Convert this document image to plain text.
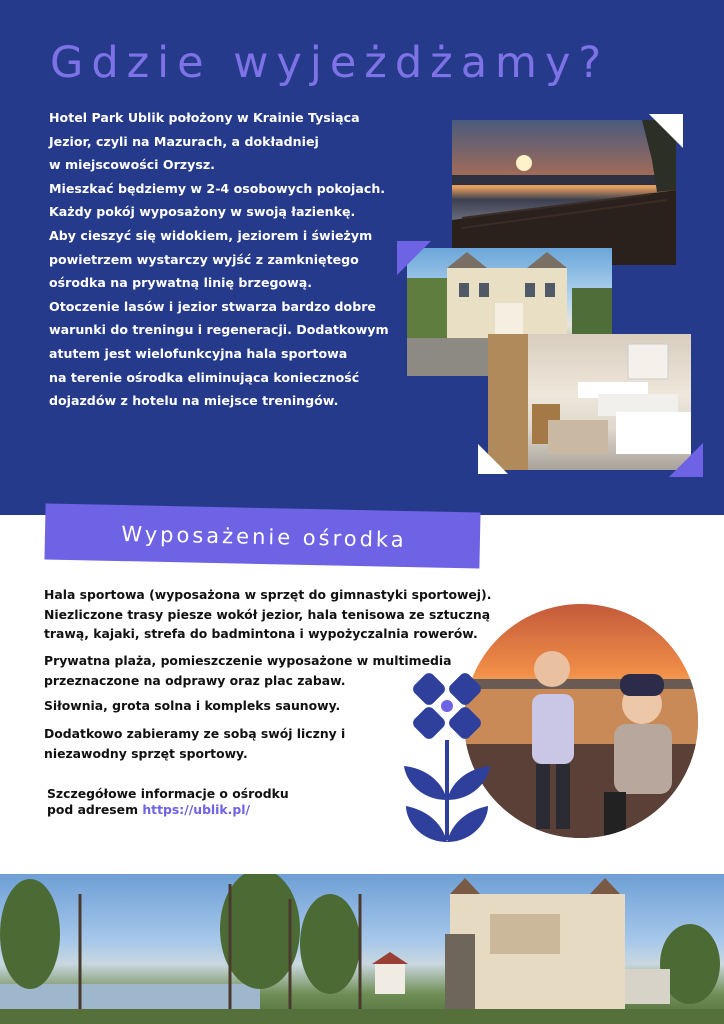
Gdzie wyjeżdżamy?
Hotel Park Ublik położony w Krainie Tysiąca
Jezior, czyli na Mazurach, a dokładniej
w miejscowości Orzysz.
Mieszkać będziemy w 2-4 osobowych pokojach.
Każdy pokój wyposażony w swoją łazienkę.
Aby cieszyć się widokiem, jeziorem i świeżym
powietrzem wystarczy wyjść z zamkniętego
ośrodka na prywatną linię brzegową.
Otoczenie lasów i jezior stwarza bardzo dobre
warunki do treningu i regeneracji. Dodatkowym
atutem jest wielofunkcyjna hala sportowa
na terenie ośrodka eliminująca konieczność
dojazdów z hotelu na miejsce treningów.
Wyposażenie ośrodka
Hala sportowa (wyposażona w sprzęt do gimnastyki sportowej).
Niezliczone trasy piesze wokół jezior, hala tenisowa ze sztuczną
trawą, kajaki, strefa do badmintona i wypożyczalnia rowerów.
Prywatna plaża, pomieszczenie wyposażone w multimedia
przeznaczone na odprawy oraz plac zabaw.
Siłownia, grota solna i kompleks saunowy.
Dodatkowo zabieramy ze sobą swój liczny i
niezawodny sprzęt sportowy.
Szczegółowe informacje o ośrodku
pod adresem https://ublik.pl/
